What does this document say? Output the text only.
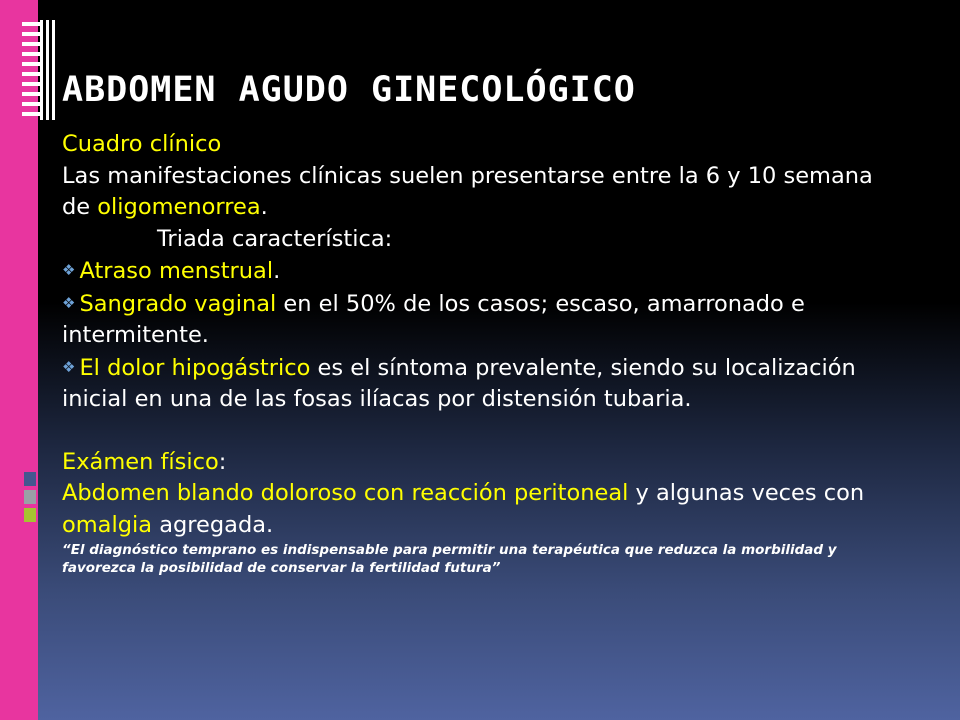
ABDOMEN AGUDO GINECOLÓGICO

Cuadro clínico

Las manifestaciones clínicas suelen presentarse entre la 6 y 10 semana de oligomenorrea.

Triada característica:

❖ Atraso menstrual.

❖ Sangrado vaginal en el 50% de los casos; escaso, amarronado e intermitente.

❖ El dolor hipogástrico es el síntoma prevalente, siendo su localización inicial en una de las fosas ilíacas por distensión tubaria.

Exámen físico:

Abdomen blando doloroso con reacción peritoneal y algunas veces con omalgia agregada.

“El diagnóstico temprano es indispensable para permitir una terapéutica que reduzca la morbilidad y favorezca la posibilidad de conservar la fertilidad futura”
